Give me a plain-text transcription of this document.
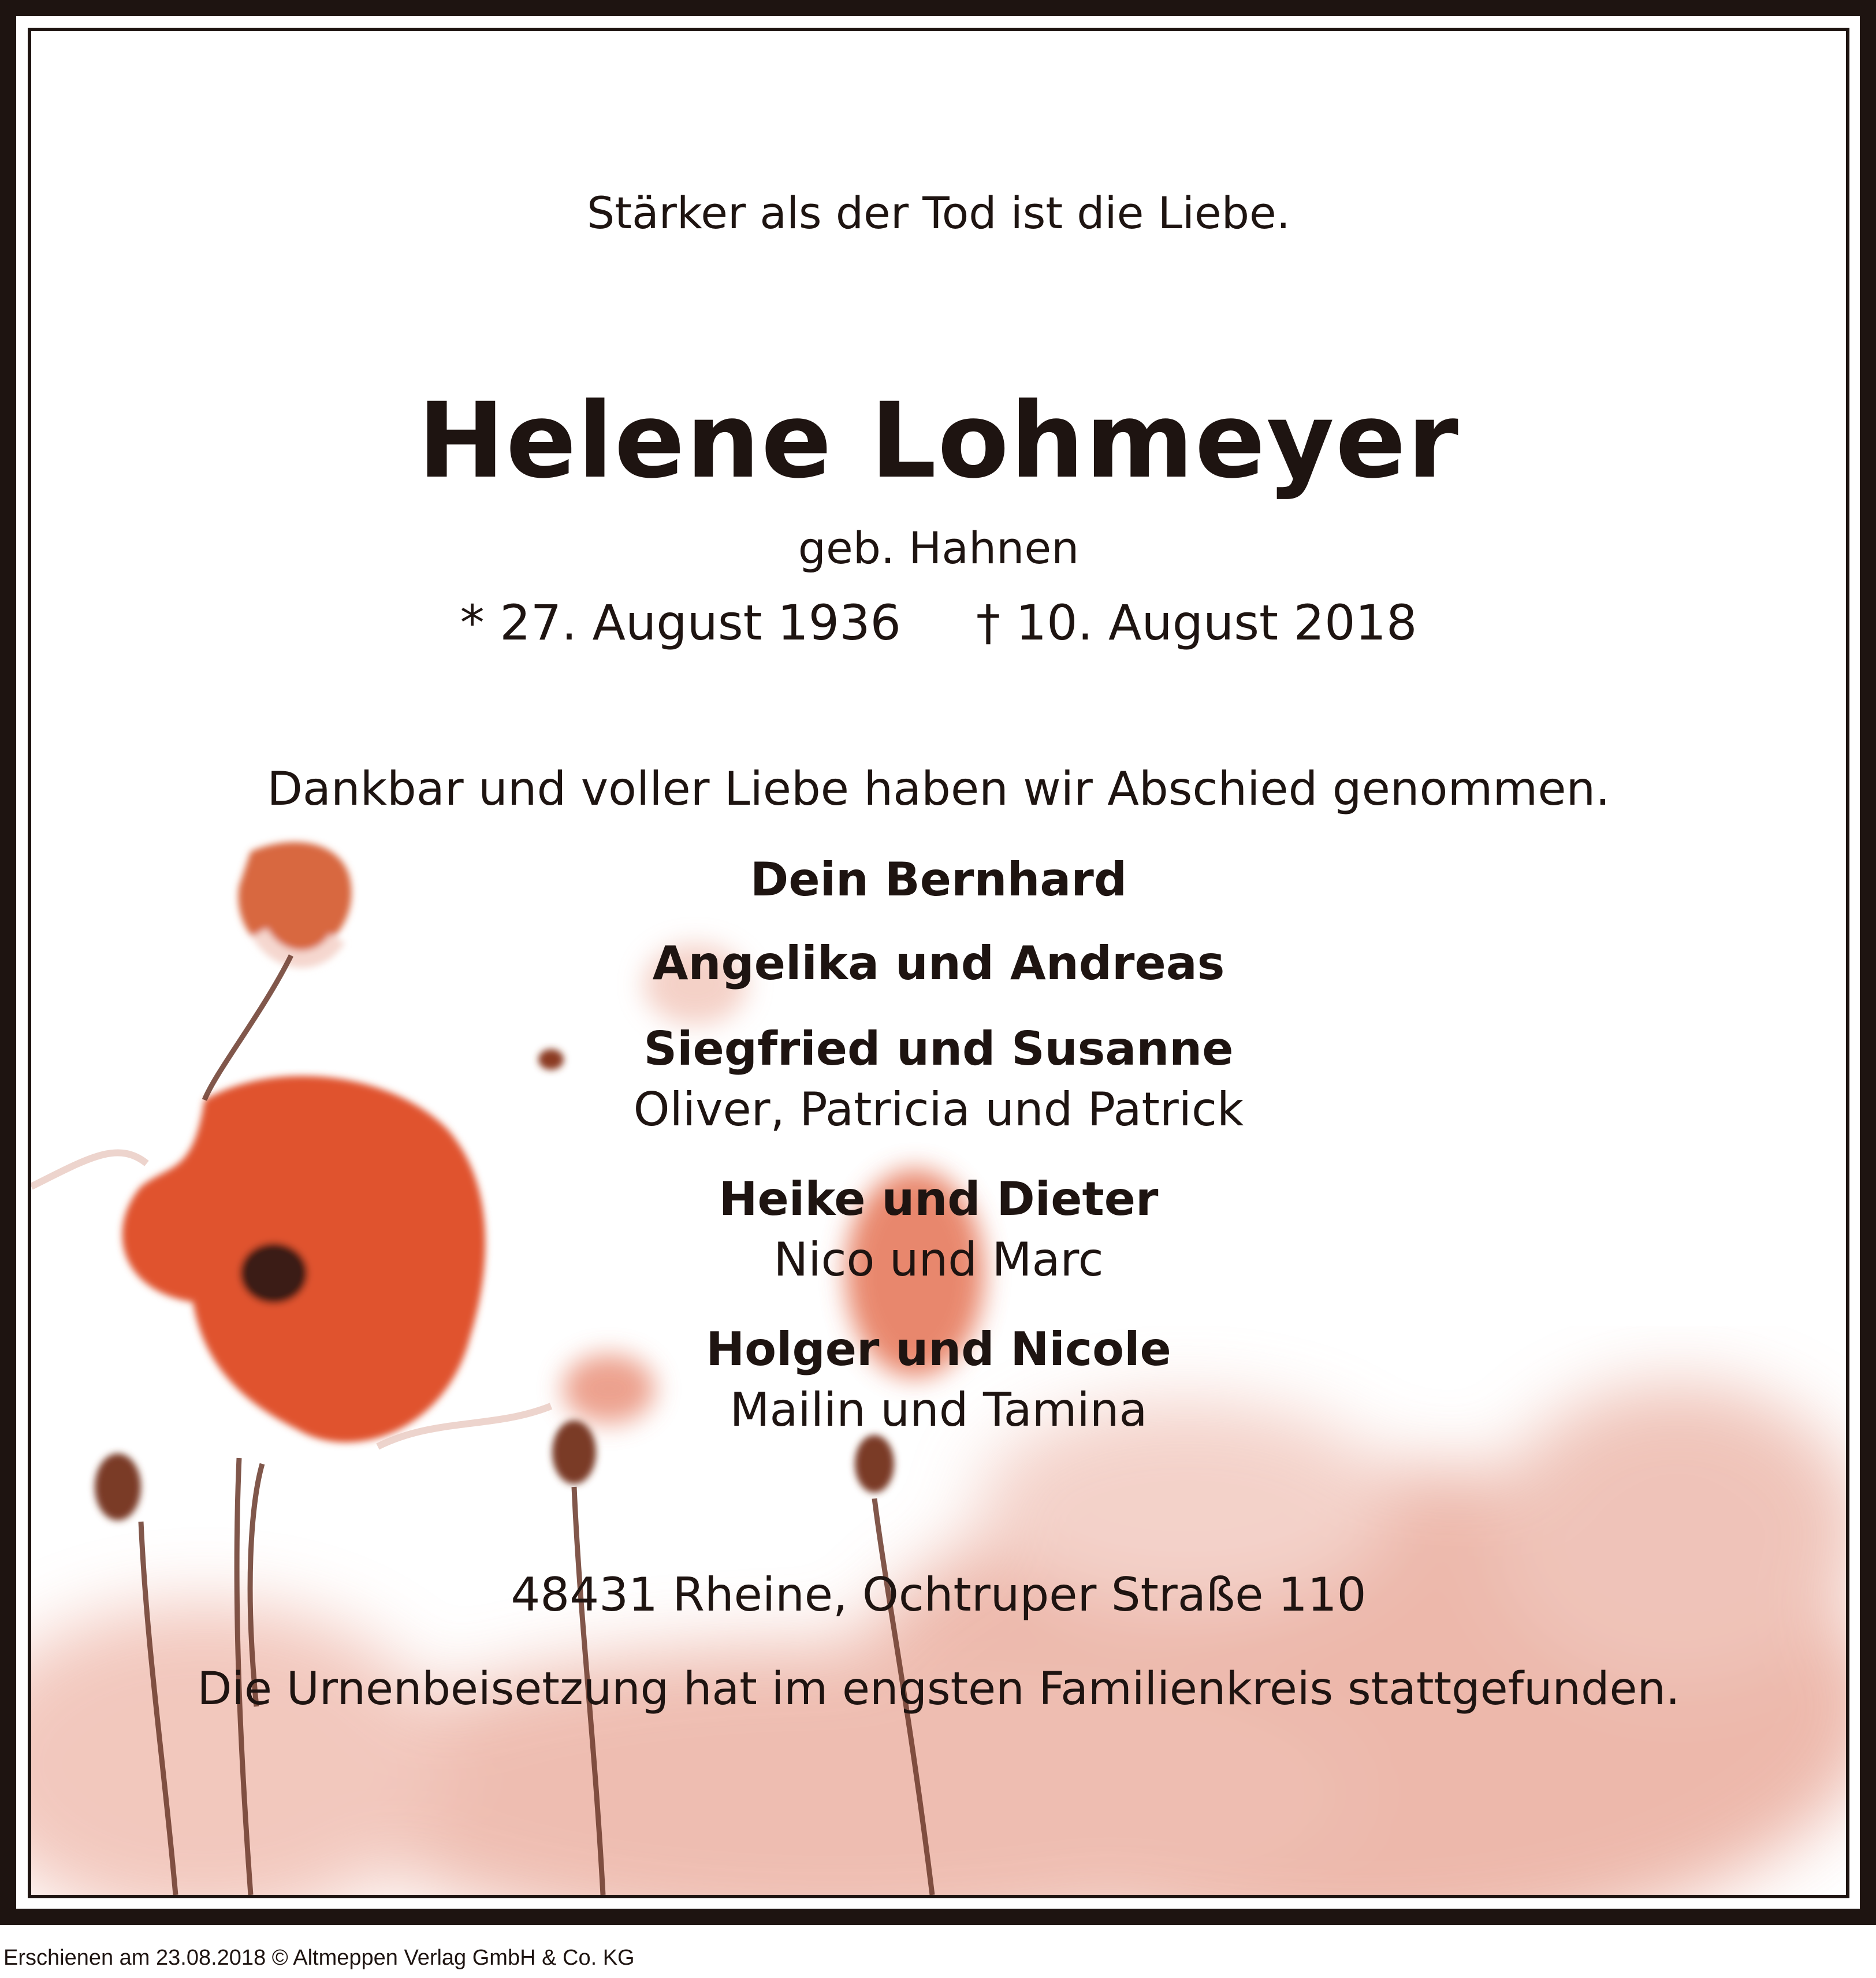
Stärker als der Tod ist die Liebe.
Helene Lohmeyer
geb. Hahnen
* 27. August 1936 † 10. August 2018
Dankbar und voller Liebe haben wir Abschied genommen.
Dein Bernhard
Angelika und Andreas
Siegfried und Susanne
Oliver, Patricia und Patrick
Heike und Dieter
Nico und Marc
Holger und Nicole
Mailin und Tamina
48431 Rheine, Ochtruper Straße 110
Die Urnenbeisetzung hat im engsten Familienkreis stattgefunden.
Erschienen am 23.08.2018 © Altmeppen Verlag GmbH & Co. KG
